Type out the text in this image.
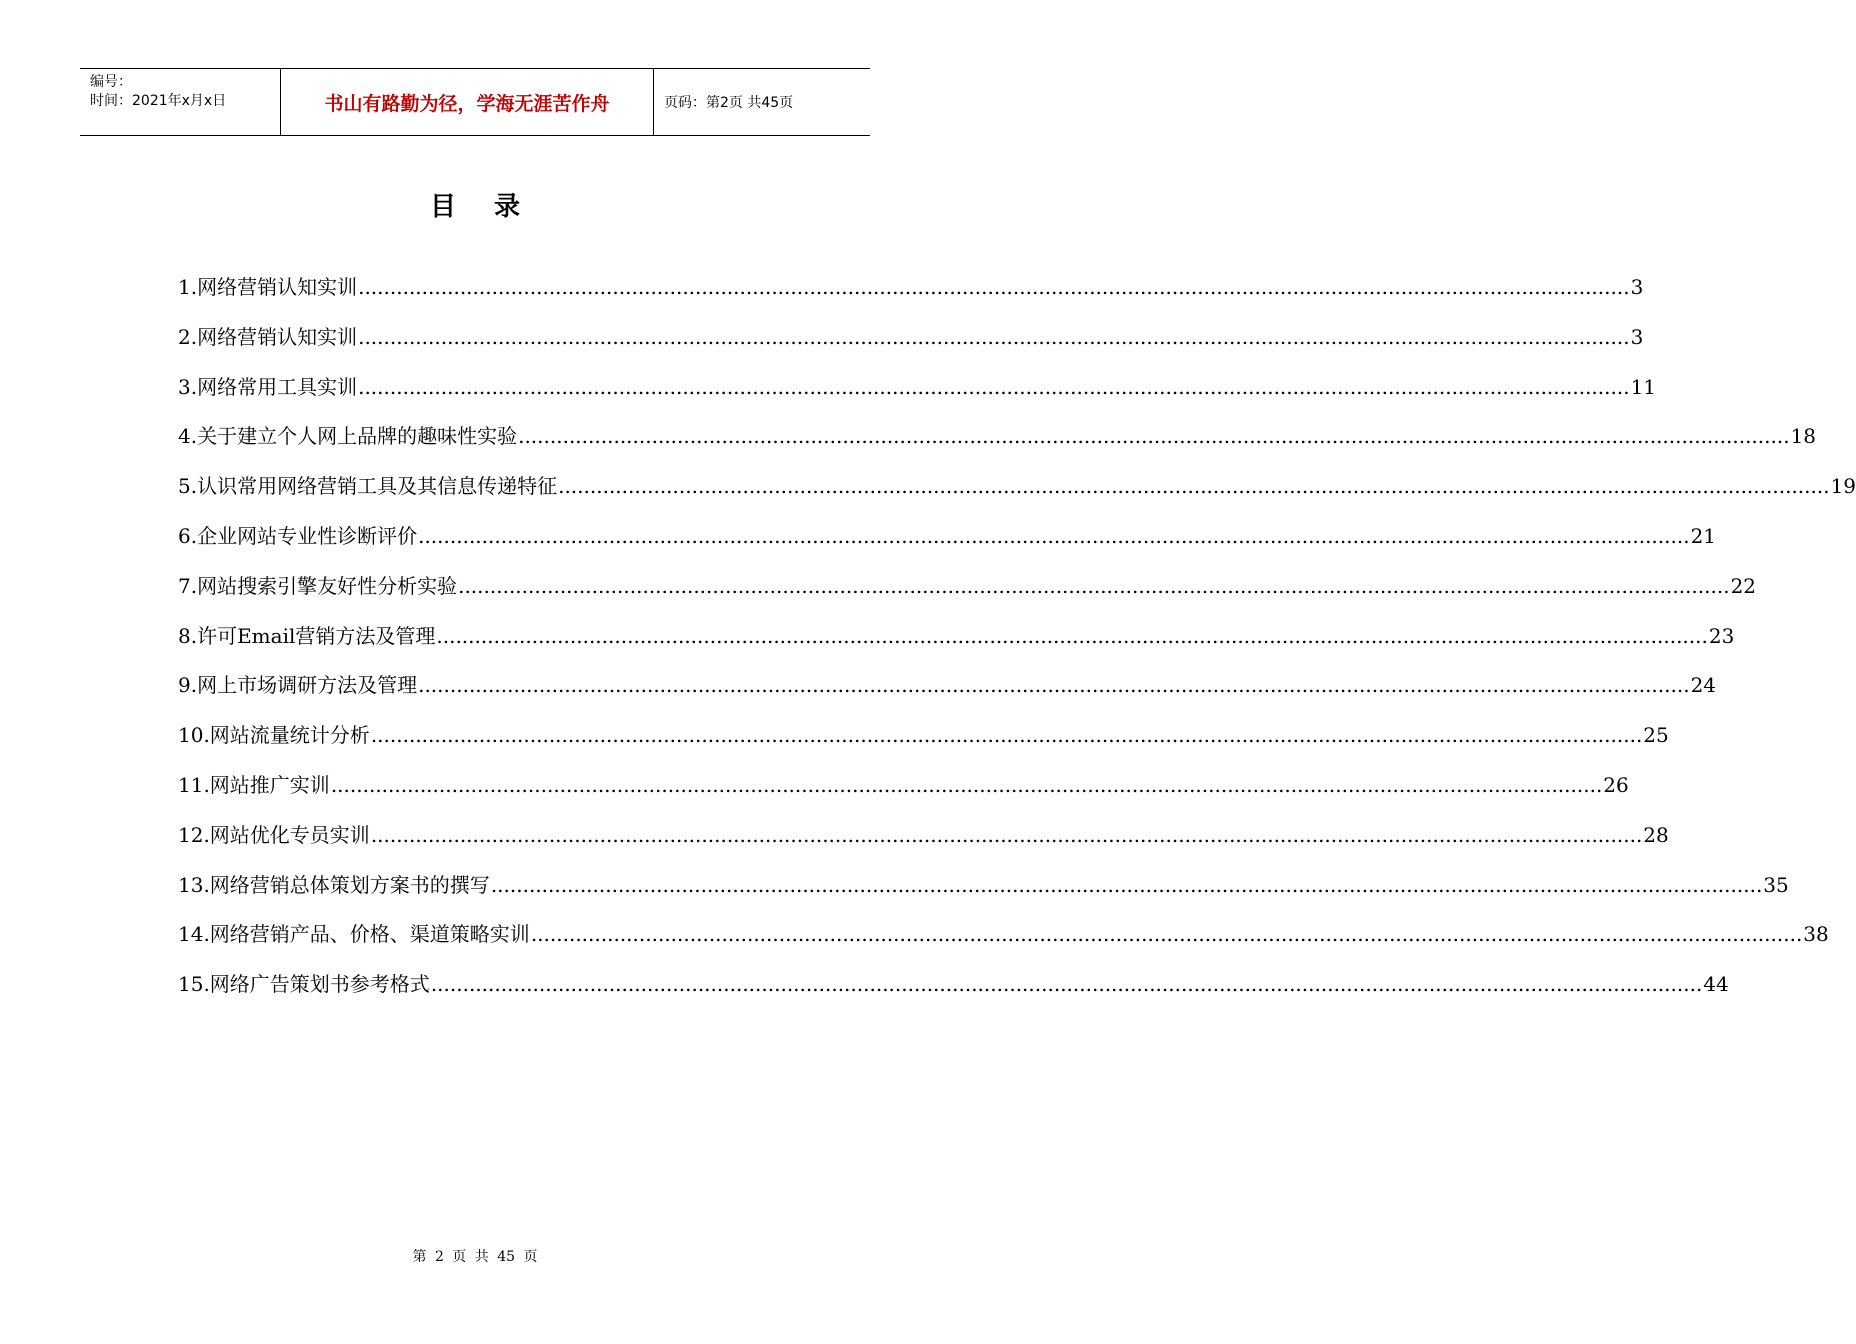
编号：
时间：2021年x月x日	书山有路勤为径，学海无涯苦作舟	页码：第2页 共45页
目录
1.网络营销认知实训 ........................................................................................................................................................................................................ 3
2.网络营销认知实训 ........................................................................................................................................................................................................ 3
3.网络常用工具实训 ........................................................................................................................................................................................................ 11
4.关于建立个人网上品牌的趣味性实验 ........................................................................................................................................................................................................ 18
5.认识常用网络营销工具及其信息传递特征 ........................................................................................................................................................................................................ 19
6.企业网站专业性诊断评价 ........................................................................................................................................................................................................ 21
7.网站搜索引擎友好性分析实验 ........................................................................................................................................................................................................ 22
8.许可Email营销方法及管理 ........................................................................................................................................................................................................ 23
9.网上市场调研方法及管理 ........................................................................................................................................................................................................ 24
10.网站流量统计分析 ........................................................................................................................................................................................................ 25
11.网站推广实训 ........................................................................................................................................................................................................ 26
12.网站优化专员实训 ........................................................................................................................................................................................................ 28
13.网络营销总体策划方案书的撰写 ........................................................................................................................................................................................................ 35
14.网络营销产品、价格、渠道策略实训 ........................................................................................................................................................................................................ 38
15.网络广告策划书参考格式 ........................................................................................................................................................................................................ 44
第 2 页 共 45 页
